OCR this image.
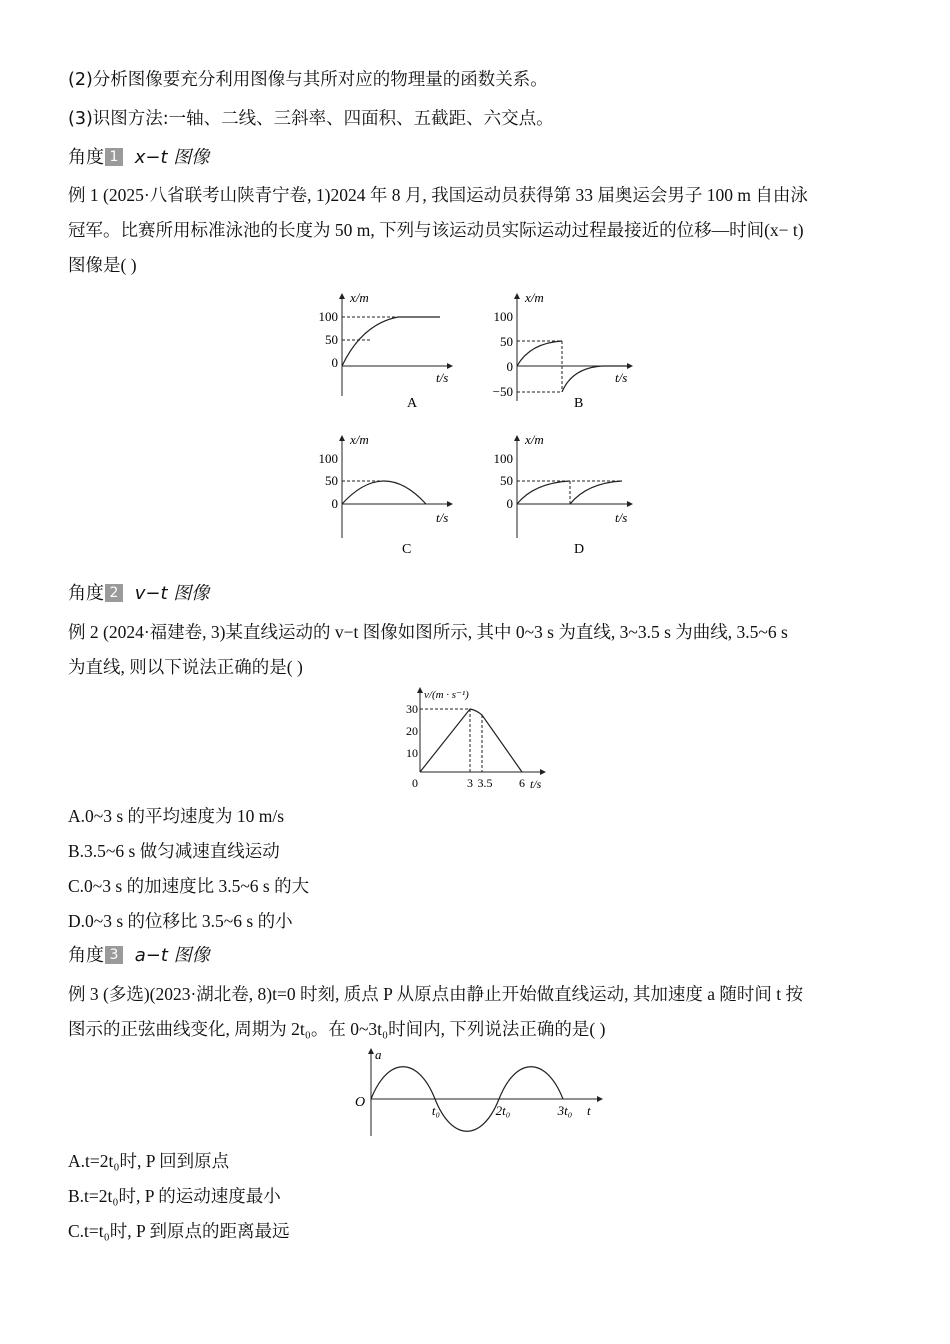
(2)分析图像要充分利用图像与其所对应的物理量的函数关系。
(3)识图方法:一轴、二线、三斜率、四面积、五截距、六交点。
角度 1 x−t 图像
例 1 (2025·八省联考山陕青宁卷, 1)2024 年 8 月, 我国运动员获得第 33 届奥运会男子 100 m 自由泳
冠军。比赛所用标准泳池的长度为 50 m, 下列与该运动员实际运动过程最接近的位移—时间(x− t)
图像是( )
x/m
t/s
100
50
0
A
x/m
t/s
100
50
0
−50
B
x/m
t/s
100
50
0
C
x/m
t/s
100
50
0
D
角度 2 v−t 图像
例 2 (2024·福建卷, 3)某直线运动的 v−t 图像如图所示, 其中 0~3 s 为直线, 3~3.5 s 为曲线, 3.5~6 s
为直线, 则以下说法正确的是( )
v/(m · s⁻¹)
t/s
30
20
10
0	3 3.5 6
A.0~3 s 的平均速度为 10 m/s
B.3.5~6 s 做匀减速直线运动
C.0~3 s 的加速度比 3.5~6 s 的大
D.0~3 s 的位移比 3.5~6 s 的小
角度 3 a−t 图像
例 3 (多选)(2023·湖北卷, 8)t=0 时刻, 质点 P 从原点由静止开始做直线运动, 其加速度 a 随时间 t 按
图示的正弦曲线变化, 周期为 2t₀。在 0~3t₀时间内, 下列说法正确的是( )
a
O
t
t₀	2t₀	3t₀
A.t=2t₀时, P 回到原点
B.t=2t₀时, P 的运动速度最小
C.t=t₀时, P 到原点的距离最远
